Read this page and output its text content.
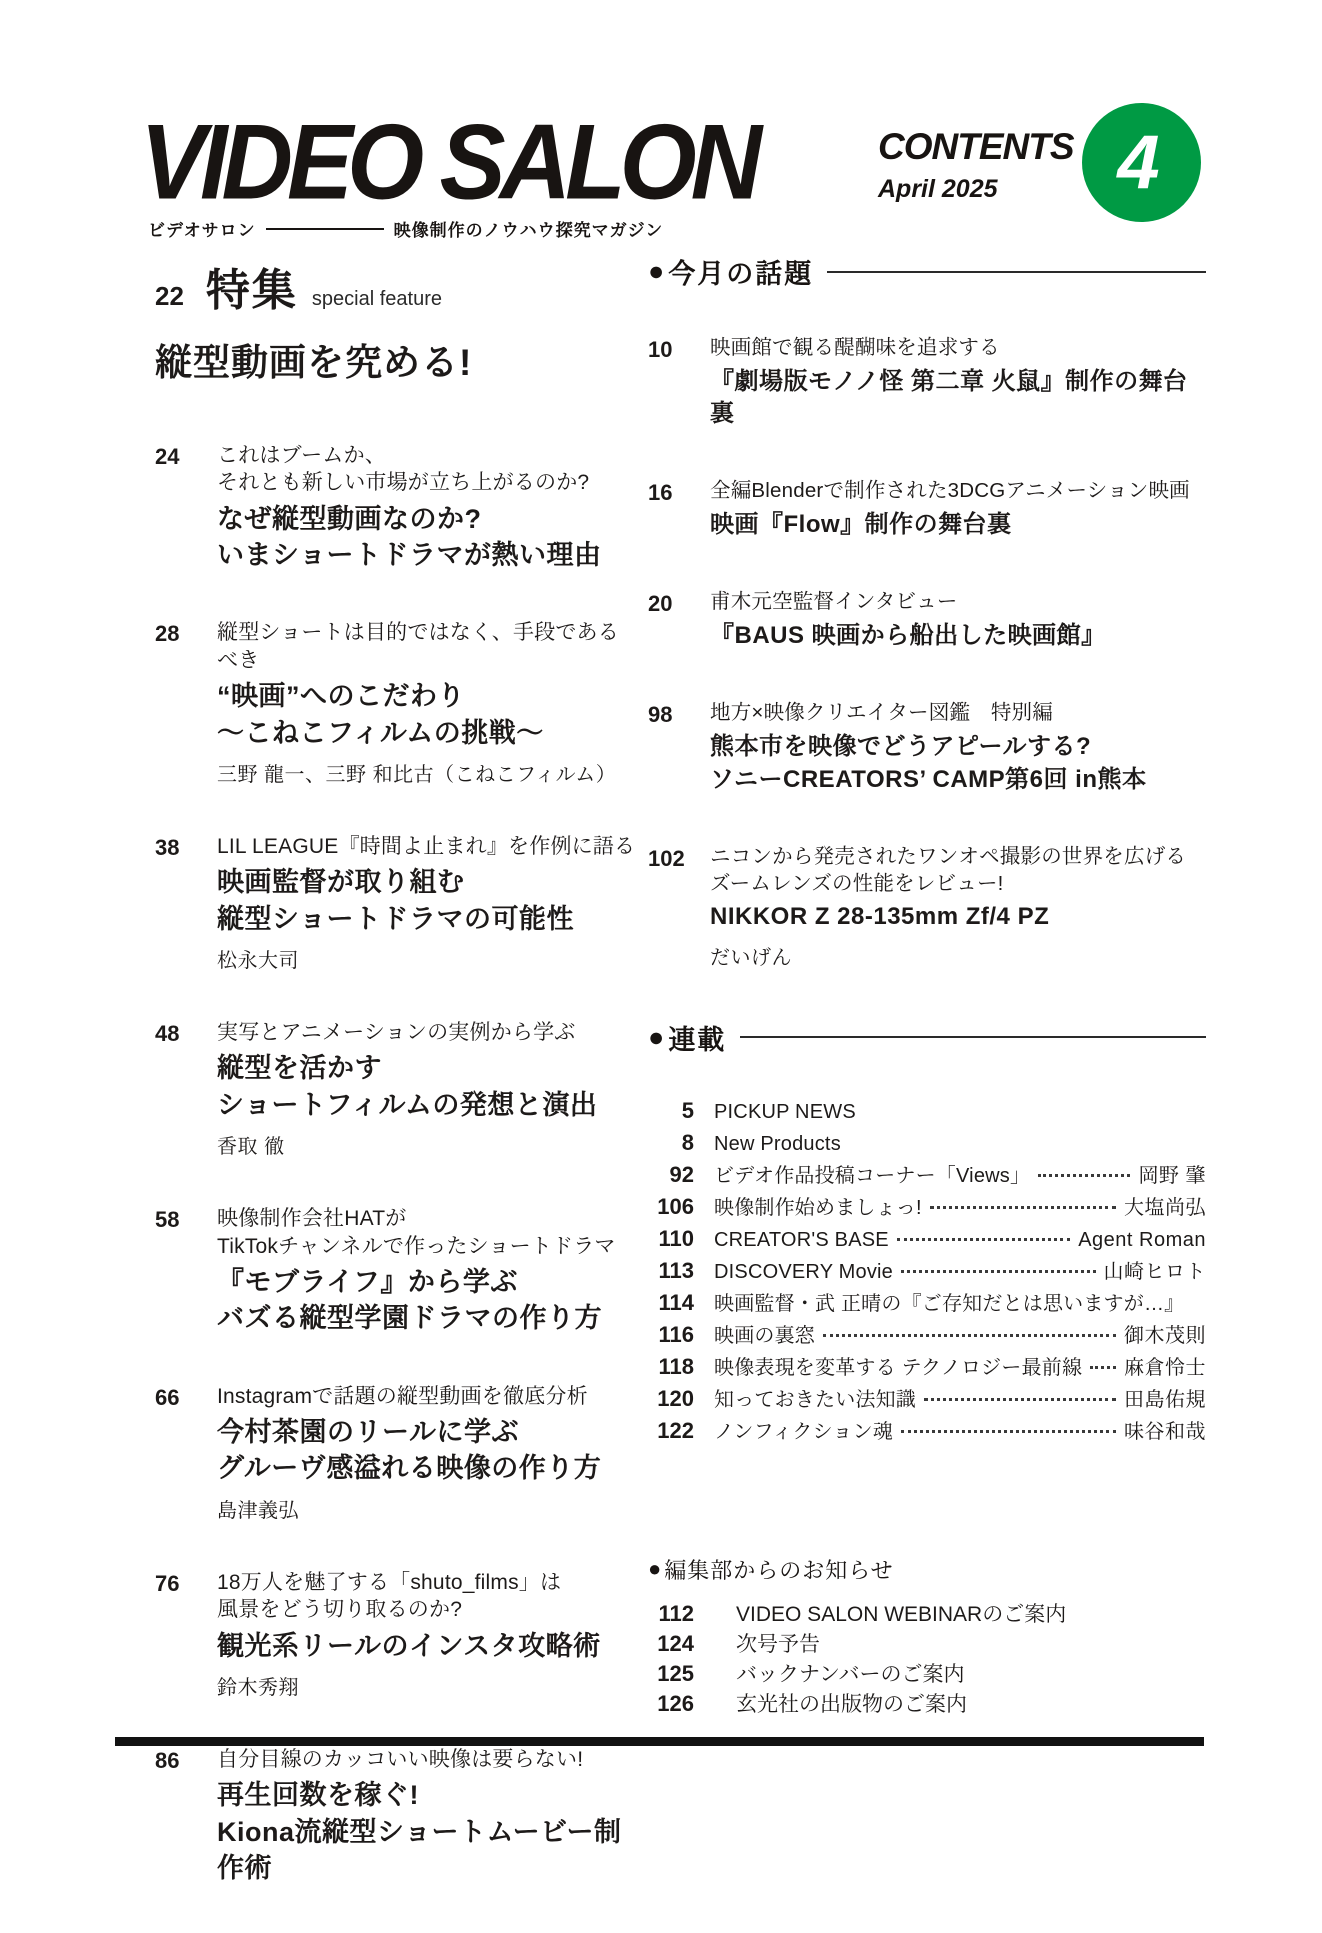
VIDEO SALON
ビデオサロン	映像制作のノウハウ探究マガジン
CONTENTS
April 2025	4
22 特集 special feature
縦型動画を究める!
24	これはブームか、
それとも新しい市場が立ち上がるのか?
なぜ縦型動画なのか?
いまショートドラマが熱い理由
28	縦型ショートは目的ではなく、手段であるべき
“映画”へのこだわり
〜こねこフィルムの挑戦〜
三野 龍一、三野 和比古（こねこフィルム）
38	LIL LEAGUE『時間よ止まれ』を作例に語る
映画監督が取り組む
縦型ショートドラマの可能性
松永大司
48	実写とアニメーションの実例から学ぶ
縦型を活かす
ショートフィルムの発想と演出
香取 徹
58	映像制作会社HATが
TikTokチャンネルで作ったショートドラマ
『モブライフ』から学ぶ
バズる縦型学園ドラマの作り方
66	Instagramで話題の縦型動画を徹底分析
今村茶園のリールに学ぶ
グルーヴ感溢れる映像の作り方
島津義弘
76	18万人を魅了する「shuto_films」は
風景をどう切り取るのか?
観光系リールのインスタ攻略術
鈴木秀翔
86	自分目線のカッコいい映像は要らない!
再生回数を稼ぐ!
Kiona流縦型ショートムービー制作術
●
今月の話題
10	映画館で観る醍醐味を追求する
『劇場版モノノ怪 第二章 火鼠』制作の舞台裏
16	全編Blenderで制作された3DCGアニメーション映画
映画『Flow』制作の舞台裏
20	甫木元空監督インタビュー
『BAUS 映画から船出した映画館』
98	地方×映像クリエイター図鑑　特別編
熊本市を映像でどうアピールする?
ソニーCREATORS’ CAMP第6回 in熊本
102	ニコンから発売されたワンオペ撮影の世界を広げる
ズームレンズの性能をレビュー!
NIKKOR Z 28-135mm Zf/4 PZ
だいげん
●
連載
5 PICKUP NEWS
8 New Products
92 ビデオ作品投稿コーナー「Views」	岡野 肇
106 映像制作始めましょっ!	大塩尚弘
110 CREATOR'S BASE	Agent Roman
113 DISCOVERY Movie	山崎ヒロト
114 映画監督・武 正晴の『ご存知だとは思いますが…』
116 映画の裏窓	御木茂則
118 映像表現を変革する テクノロジー最前線 麻倉怜士
120 知っておきたい法知識	田島佑規
122 ノンフィクション魂	味谷和哉
●
編集部からのお知らせ
112 VIDEO SALON WEBINARのご案内
124 次号予告
125 バックナンバーのご案内
126 玄光社の出版物のご案内
